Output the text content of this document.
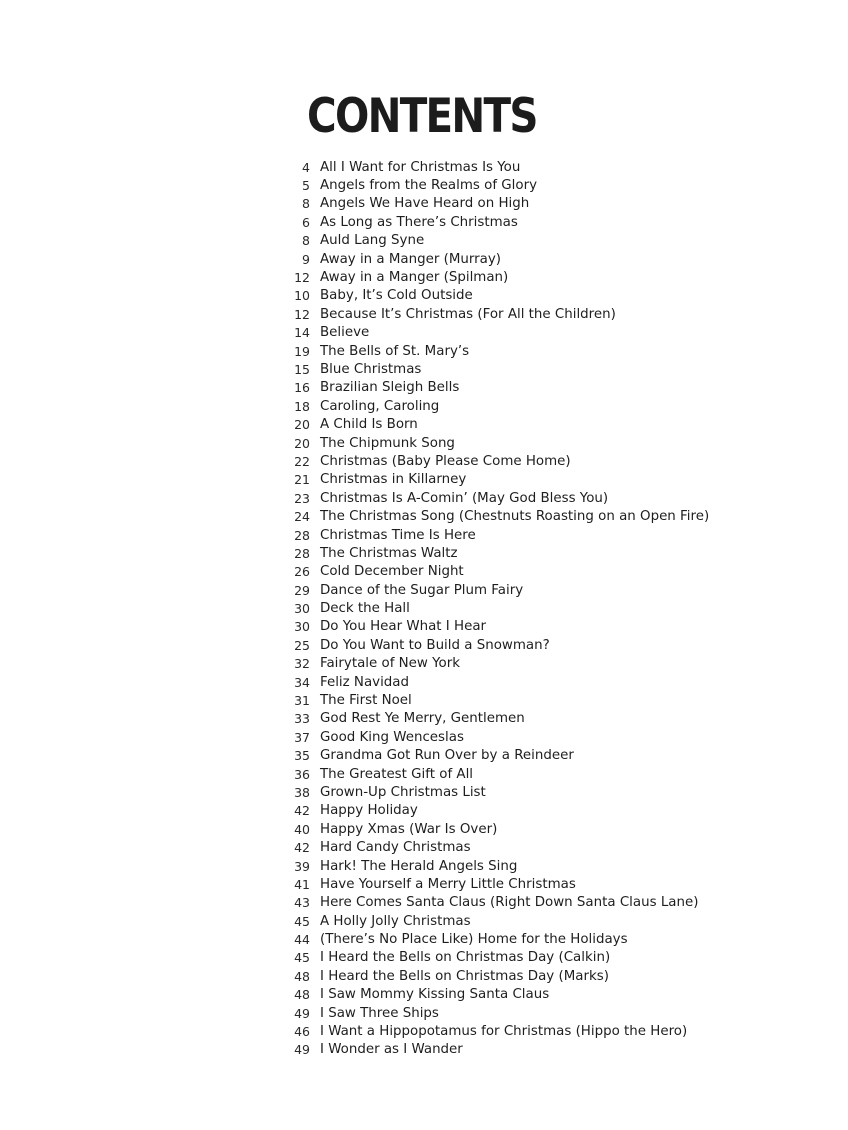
CONTENTS
4 All I Want for Christmas Is You
5 Angels from the Realms of Glory
8 Angels We Have Heard on High
6 As Long as There’s Christmas
8 Auld Lang Syne
9 Away in a Manger (Murray)
12 Away in a Manger (Spilman)
10 Baby, It’s Cold Outside
12 Because It’s Christmas (For All the Children)
14 Believe
19 The Bells of St. Mary’s
15 Blue Christmas
16 Brazilian Sleigh Bells
18 Caroling, Caroling
20 A Child Is Born
20 The Chipmunk Song
22 Christmas (Baby Please Come Home)
21 Christmas in Killarney
23 Christmas Is A-Comin’ (May God Bless You)
24 The Christmas Song (Chestnuts Roasting on an Open Fire)
28 Christmas Time Is Here
28 The Christmas Waltz
26 Cold December Night
29 Dance of the Sugar Plum Fairy
30 Deck the Hall
30 Do You Hear What I Hear
25 Do You Want to Build a Snowman?
32 Fairytale of New York
34 Feliz Navidad
31 The First Noel
33 God Rest Ye Merry, Gentlemen
37 Good King Wenceslas
35 Grandma Got Run Over by a Reindeer
36 The Greatest Gift of All
38 Grown-Up Christmas List
42 Happy Holiday
40 Happy Xmas (War Is Over)
42 Hard Candy Christmas
39 Hark! The Herald Angels Sing
41 Have Yourself a Merry Little Christmas
43 Here Comes Santa Claus (Right Down Santa Claus Lane)
45 A Holly Jolly Christmas
44 (There’s No Place Like) Home for the Holidays
45 I Heard the Bells on Christmas Day (Calkin)
48 I Heard the Bells on Christmas Day (Marks)
48 I Saw Mommy Kissing Santa Claus
49 I Saw Three Ships
46 I Want a Hippopotamus for Christmas (Hippo the Hero)
49 I Wonder as I Wander
